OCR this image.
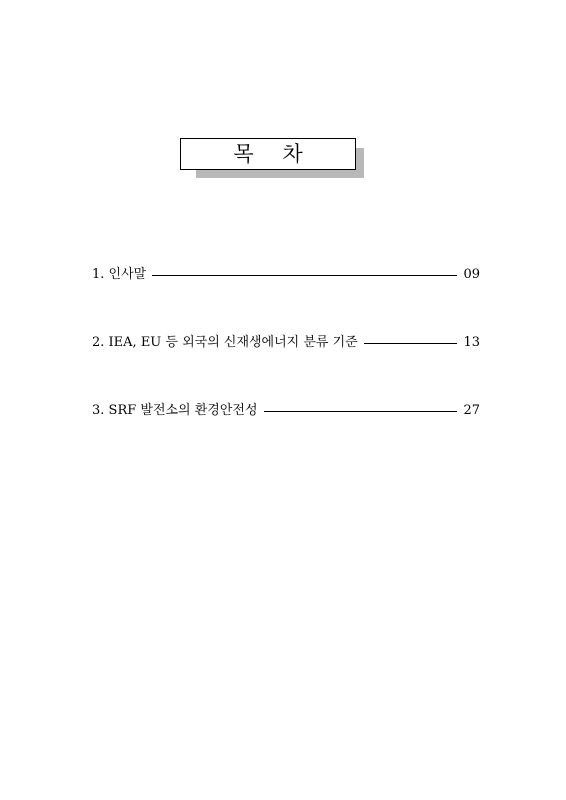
목 차
1. 인사말	09
2. IEA, EU 등 외국의 신재생에너지 분류 기준	13
3. SRF 발전소의 환경안전성	27
